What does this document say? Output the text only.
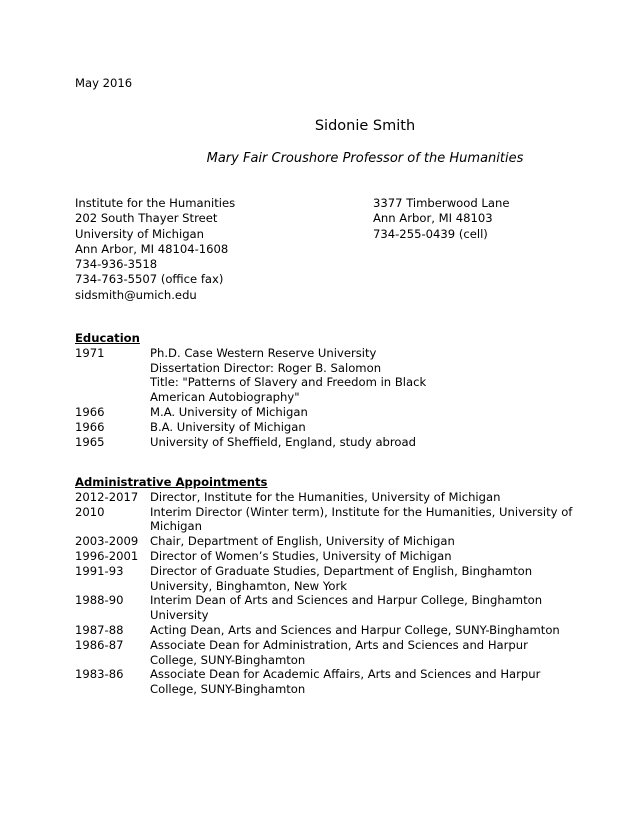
May 2016
Sidonie Smith
Mary Fair Croushore Professor of the Humanities
Institute for the Humanities
202 South Thayer Street
University of Michigan
Ann Arbor, MI 48104-1608
734-936-3518
734-763-5507 (office fax)
sidsmith@umich.edu
3377 Timberwood Lane
Ann Arbor, MI 48103
734-255-0439 (cell)
Education
1971	Ph.D. Case Western Reserve University
Dissertation Director: Roger B. Salomon
Title: "Patterns of Slavery and Freedom in Black American Autobiography"
1966	M.A. University of Michigan
1966	B.A. University of Michigan
1965	University of Sheffield, England, study abroad
Administrative Appointments
2012-2017	Director, Institute for the Humanities, University of Michigan
2010	Interim Director (Winter term), Institute for the Humanities, University of Michigan
2003-2009	Chair, Department of English, University of Michigan
1996-2001	Director of Women’s Studies, University of Michigan
1991-93	Director of Graduate Studies, Department of English, Binghamton University, Binghamton, New York
1988-90	Interim Dean of Arts and Sciences and Harpur College, Binghamton University
1987-88	Acting Dean, Arts and Sciences and Harpur College, SUNY-Binghamton
1986-87	Associate Dean for Administration, Arts and Sciences and Harpur College, SUNY-Binghamton
1983-86	Associate Dean for Academic Affairs, Arts and Sciences and Harpur College, SUNY-Binghamton
